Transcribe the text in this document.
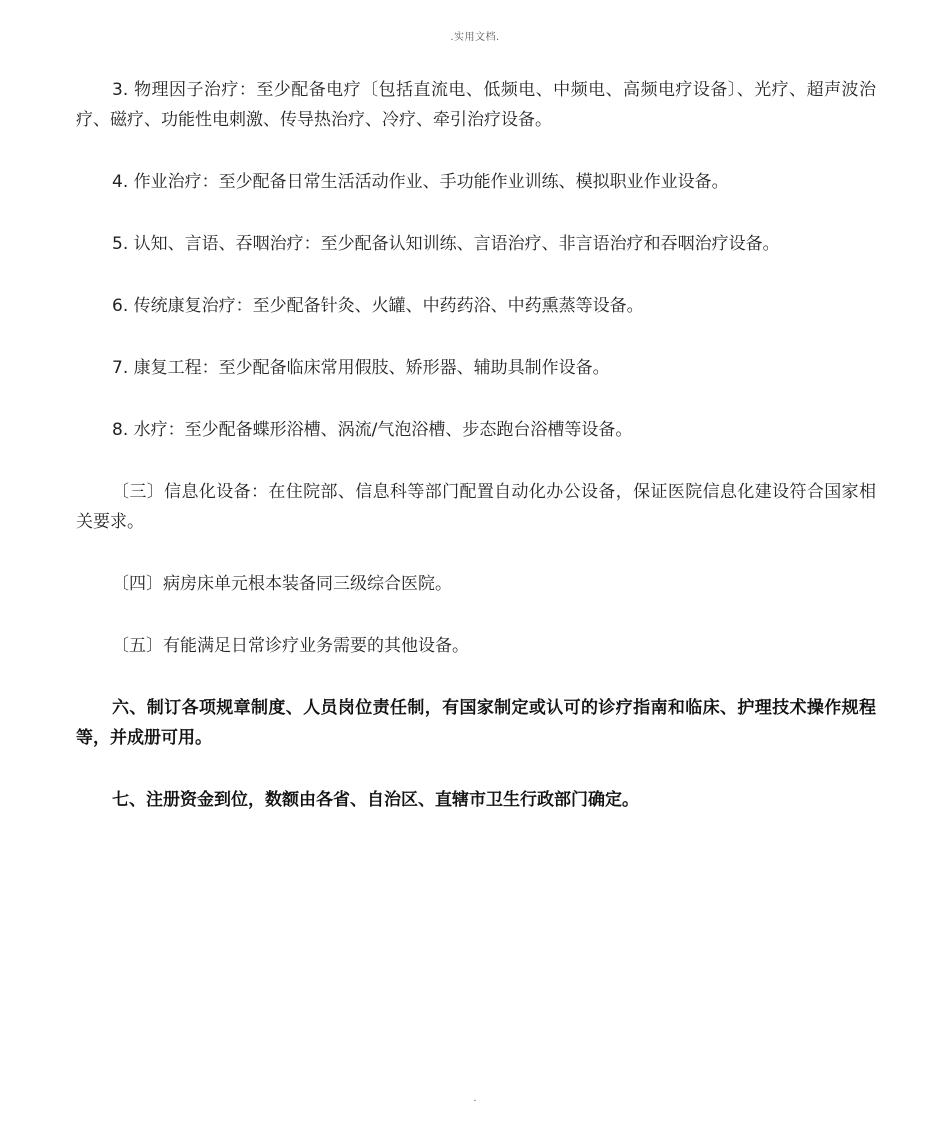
.实用文档.

3. 物理因子治疗：至少配备电疗〔包括直流电、低频电、中频电、高频电疗设备〕、光疗、超声波治疗、磁疗、功能性电刺激、传导热治疗、冷疗、牵引治疗设备。

4. 作业治疗：至少配备日常生活活动作业、手功能作业训练、模拟职业作业设备。

5. 认知、言语、吞咽治疗：至少配备认知训练、言语治疗、非言语治疗和吞咽治疗设备。

6. 传统康复治疗：至少配备针灸、火罐、中药药浴、中药熏蒸等设备。

7. 康复工程：至少配备临床常用假肢、矫形器、辅助具制作设备。

8. 水疗：至少配备蝶形浴槽、涡流/气泡浴槽、步态跑台浴槽等设备。

〔三〕信息化设备：在住院部、信息科等部门配置自动化办公设备，保证医院信息化建设符合国家相关要求。

〔四〕病房床单元根本装备同三级综合医院。

〔五〕有能满足日常诊疗业务需要的其他设备。

六、制订各项规章制度、人员岗位责任制，有国家制定或认可的诊疗指南和临床、护理技术操作规程等，并成册可用。

七、注册资金到位，数额由各省、自治区、直辖市卫生行政部门确定。

.
